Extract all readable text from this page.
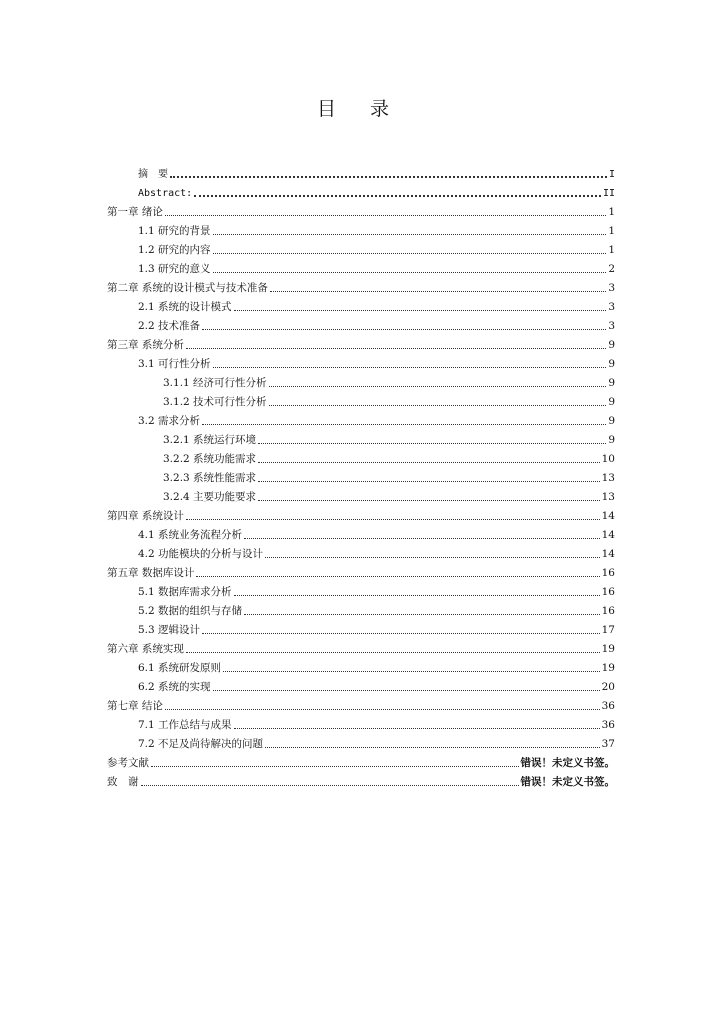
目 录
摘　要	I
Abstract:	II
第一章 绪论	1
1.1 研究的背景	1
1.2 研究的内容	1
1.3 研究的意义	2
第二章 系统的设计模式与技术准备	3
2.1 系统的设计模式	3
2.2 技术准备	3
第三章 系统分析	9
3.1 可行性分析	9
3.1.1 经济可行性分析	9
3.1.2 技术可行性分析	9
3.2 需求分析	9
3.2.1 系统运行环境	9
3.2.2 系统功能需求	10
3.2.3 系统性能需求	13
3.2.4 主要功能要求	13
第四章 系统设计	14
4.1 系统业务流程分析	14
4.2 功能模块的分析与设计	14
第五章 数据库设计	16
5.1 数据库需求分析	16
5.2 数据的组织与存储	16
5.3 逻辑设计	17
第六章 系统实现	19
6.1 系统研发原则	19
6.2 系统的实现	20
第七章 结论	36
7.1 工作总结与成果	36
7.2 不足及尚待解决的问题	37
参考文献	错误！未定义书签。
致　谢	错误！未定义书签。
